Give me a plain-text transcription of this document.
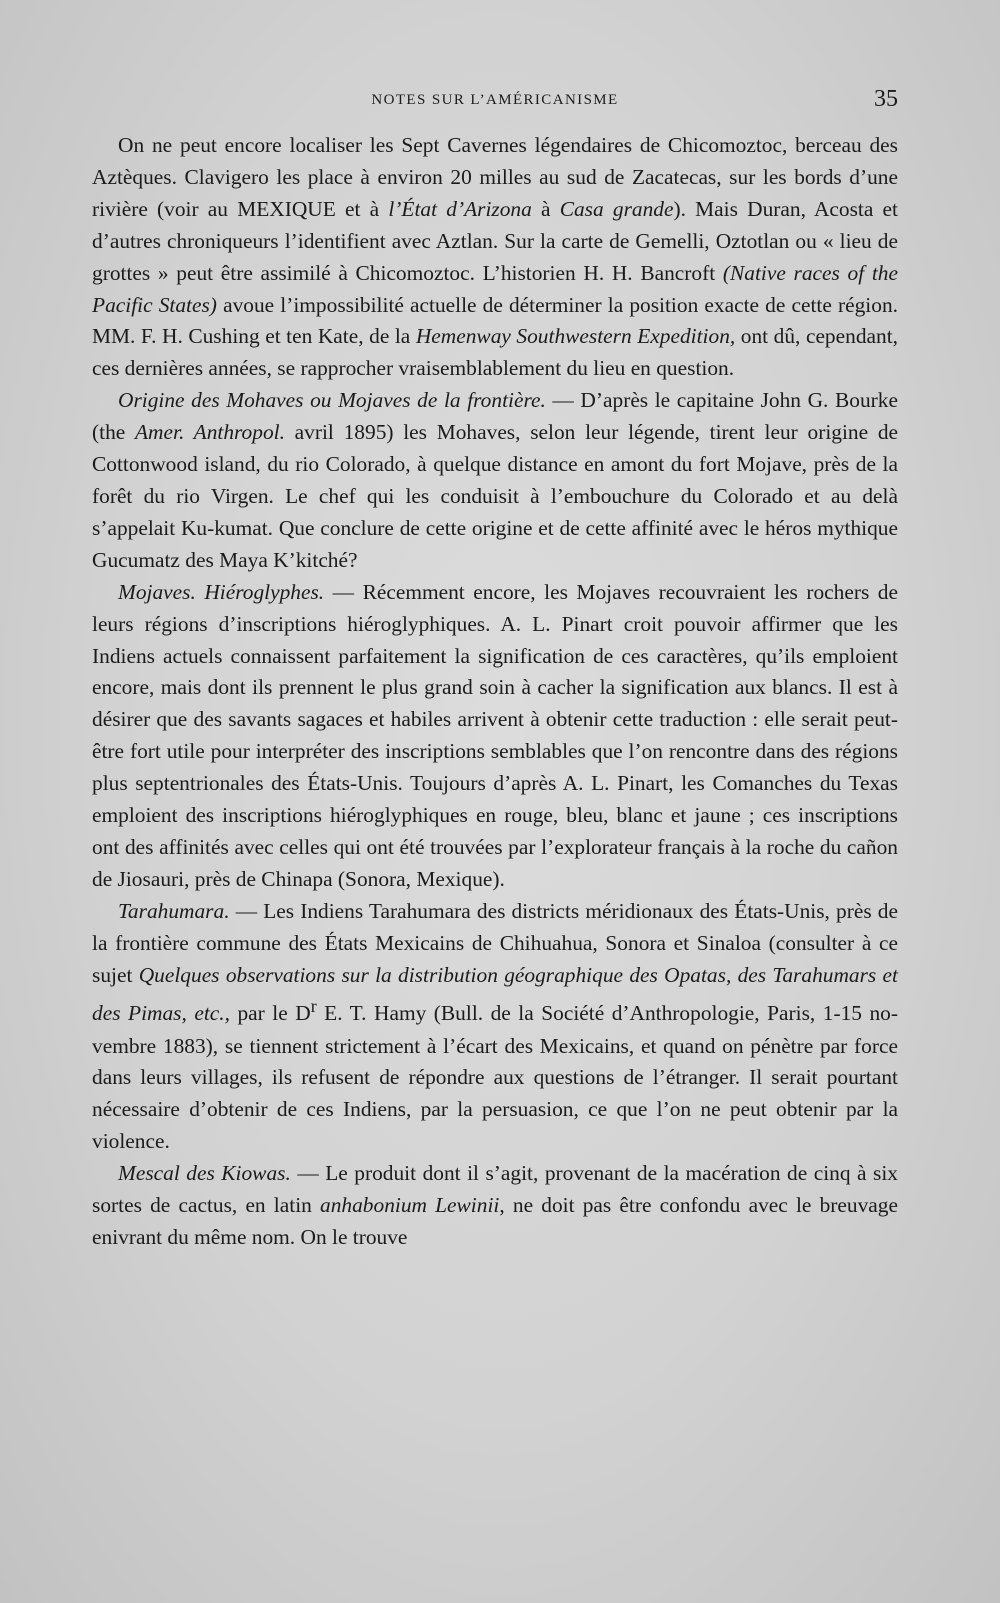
NOTES SUR L’AMÉRICANISME	35

On ne peut encore localiser les Sept Cavernes légendaires de Chicomoztoc, berceau des Aztèques. Clavigero les place à environ 20 milles au sud de Zacatecas, sur les bords d’une rivière (voir au MEXIQUE et à l’État d’Arizona à Casa grande). Mais Duran, Acosta et d’autres chroniqueurs l’identifient avec Aztlan. Sur la carte de Gemelli, Oztotlan ou « lieu de grottes » peut être assimilé à Chicomoztoc. L’historien H. H. Bancroft (Native races of the Pacific States) avoue l’impossibilité actuelle de déterminer la position exacte de cette région. MM. F. H. Cushing et ten Kate, de la Hemenway Southwestern Expedition, ont dû, cependant, ces dernières années, se rapprocher vraisemblablement du lieu en question.

Origine des Mohaves ou Mojaves de la frontière. — D’après le capitaine John G. Bourke (the Amer. Anthropol. avril 1895) les Mohaves, selon leur légende, tirent leur origine de Cottonwood island, du rio Colorado, à quelque distance en amont du fort Mojave, près de la forêt du rio Virgen. Le chef qui les conduisit à l’embouchure du Colorado et au delà s’appelait Ku-kumat. Que conclure de cette origine et de cette affinité avec le héros mythique Gucumatz des Maya K’kitché?

Mojaves. Hiéroglyphes. — Récemment encore, les Mojaves recouvraient les rochers de leurs régions d’inscriptions hiéroglyphiques. A. L. Pinart croit pouvoir affirmer que les Indiens actuels connaissent parfaitement la signification de ces caractères, qu’ils emploient encore, mais dont ils prennent le plus grand soin à cacher la signification aux blancs. Il est à désirer que des savants sagaces et habiles arrivent à obtenir cette traduction : elle serait peut-être fort utile pour interpréter des inscriptions semblables que l’on rencontre dans des régions plus septentrionales des États-Unis. Toujours d’après A. L. Pinart, les Comanches du Texas emploient des inscriptions hiéroglyphiques en rouge, bleu, blanc et jaune ; ces inscriptions ont des affinités avec celles qui ont été trouvées par l’explorateur français à la roche du cañon de Jiosauri, près de Chinapa (Sonora, Mexique).

Tarahumara. — Les Indiens Tarahumara des districts méridionaux des États-Unis, près de la frontière commune des États Mexicains de Chihuahua, Sonora et Sinaloa (consulter à ce sujet Quelques observations sur la distribution géographique des Opatas, des Tarahumars et des Pimas, etc., par le $D^r$ E. T. Hamy (Bull. de la Société d’Anthropologie, Paris, 1-15 novembre 1883), se tiennent strictement à l’écart des Mexicains, et quand on pénètre par force dans leurs villages, ils refusent de répondre aux questions de l’étranger. Il serait pourtant nécessaire d’obtenir de ces Indiens, par la persuasion, ce que l’on ne peut obtenir par la violence.

Mescal des Kiowas. — Le produit dont il s’agit, provenant de la macération de cinq à six sortes de cactus, en latin anhabonium Lewinii, ne doit pas être confondu avec le breuvage enivrant du même nom. On le trouve
